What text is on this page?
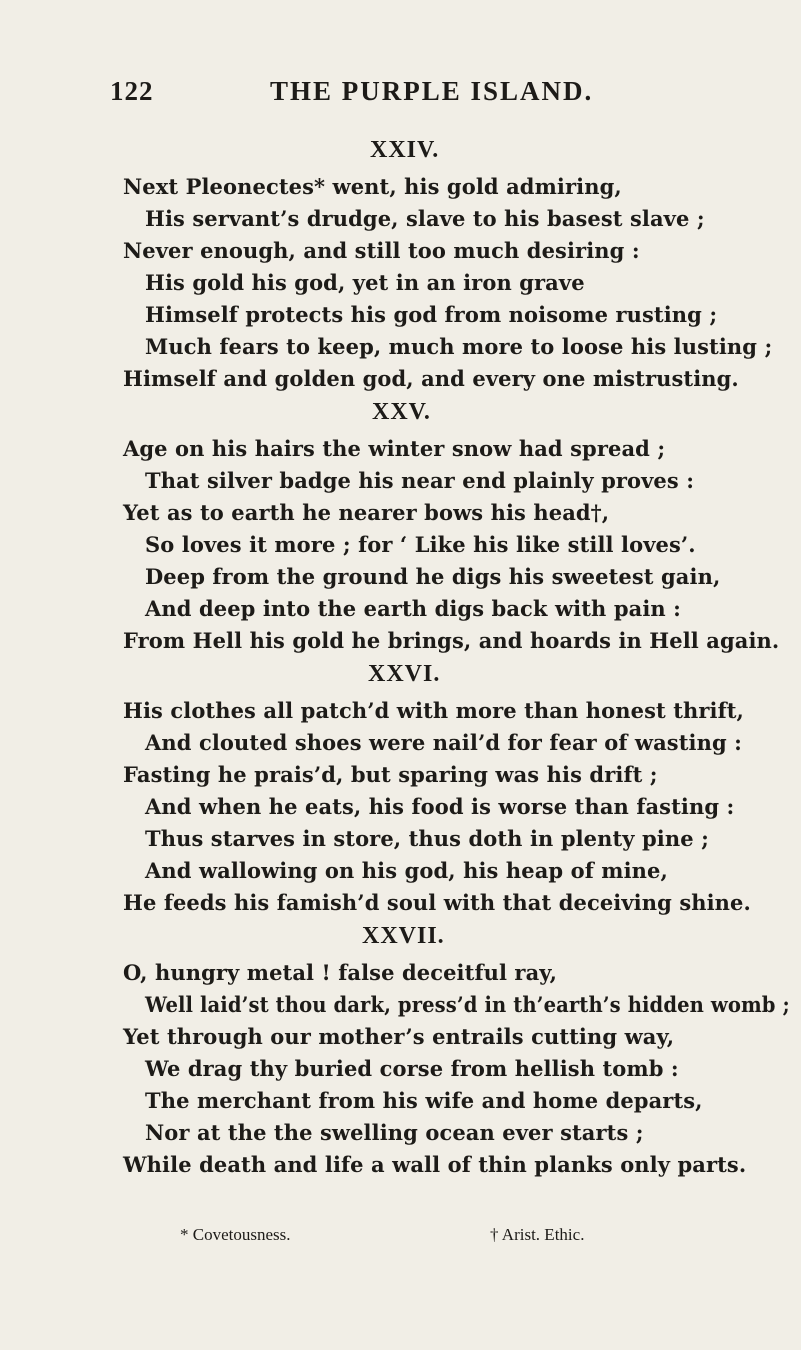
122	THE PURPLE ISLAND.
XXIV.
Next Pleonectes* went, his gold admiring,
His servant’s drudge, slave to his basest slave ;
Never enough, and still too much desiring :
His gold his god, yet in an iron grave
Himself protects his god from noisome rusting ;
Much fears to keep, much more to loose his lusting ;
Himself and golden god, and every one mistrusting.
XXV.
Age on his hairs the winter snow had spread ;
That silver badge his near end plainly proves :
Yet as to earth he nearer bows his head†,
So loves it more ; for ‘ Like his like still loves’.
Deep from the ground he digs his sweetest gain,
And deep into the earth digs back with pain :
From Hell his gold he brings, and hoards in Hell again.
XXVI.
His clothes all patch’d with more than honest thrift,
And clouted shoes were nail’d for fear of wasting :
Fasting he prais’d, but sparing was his drift ;
And when he eats, his food is worse than fasting :
Thus starves in store, thus doth in plenty pine ;
And wallowing on his god, his heap of mine,
He feeds his famish’d soul with that deceiving shine.
XXVII.
O, hungry metal ! false deceitful ray,
Well laid’st thou dark, press’d in th’earth’s hidden womb ;
Yet through our mother’s entrails cutting way,
We drag thy buried corse from hellish tomb :
The merchant from his wife and home departs,
Nor at the the swelling ocean ever starts ;
While death and life a wall of thin planks only parts.
* Covetousness.	† Arist. Ethic.
